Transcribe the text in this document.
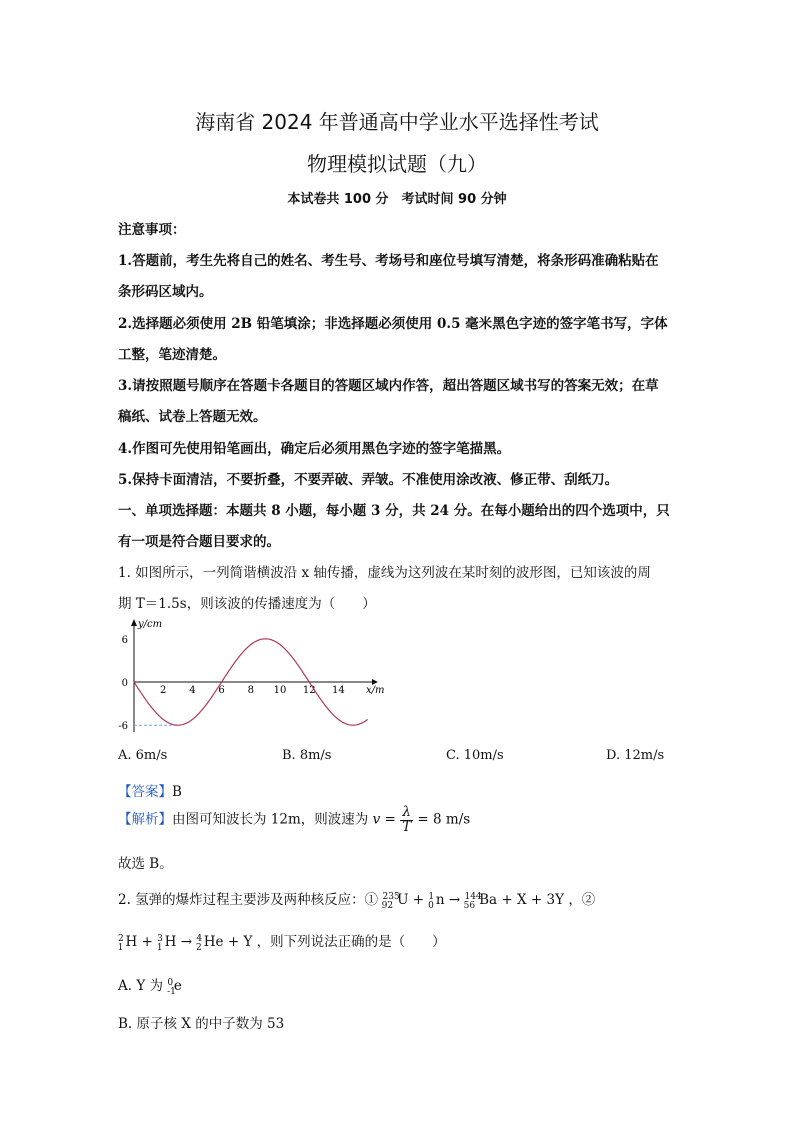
海南省 2024 年普通高中学业水平选择性考试
物理模拟试题（九）
本试卷共 100 分　考试时间 90 分钟
注意事项：
1.答题前，考生先将自己的姓名、考生号、考场号和座位号填写清楚，将条形码准确粘贴在
条形码区域内。
2.选择题必须使用 2B 铅笔填涂；非选择题必须使用 0.5 毫米黑色字迹的签字笔书写，字体
工整，笔迹清楚。
3.请按照题号顺序在答题卡各题目的答题区域内作答，超出答题区域书写的答案无效；在草
稿纸、试卷上答题无效。
4.作图可先使用铅笔画出，确定后必须用黑色字迹的签字笔描黑。
5.保持卡面清洁，不要折叠，不要弄破、弄皱。不准使用涂改液、修正带、刮纸刀。
一、单项选择题：本题共 8 小题，每小题 3 分，共 24 分。在每小题给出的四个选项中，只
有一项是符合题目要求的。
1. 如图所示，一列简谐横波沿 x 轴传播，虚线为这列波在某时刻的波形图，已知该波的周
期 T＝1.5s，则该波的传播速度为（　　）
y/cm
x/m
6
0
-6
2 4 6 8 10 12 14
A. 6m/s	B. 8m/s	C. 10m/s	D. 12m/s
【答案】B
【解析】由图可知波长为 12m，则波速为 $v = \frac{\lambda}{T} = 8$ m/s
故选 B。
2. 氢弹的爆炸过程主要涉及两种核反应：① $^{235}_{92}$ U + $^1_0$ n → $^{144}_{56}$ Ba + X + 3Y ，②
$^2_1$ H + $^3_1$ H → $^4_2$ He + Y ，则下列说法正确的是（　　）
A. Y 为 $^0_{-1}$e
B. 原子核 X 的中子数为 53
